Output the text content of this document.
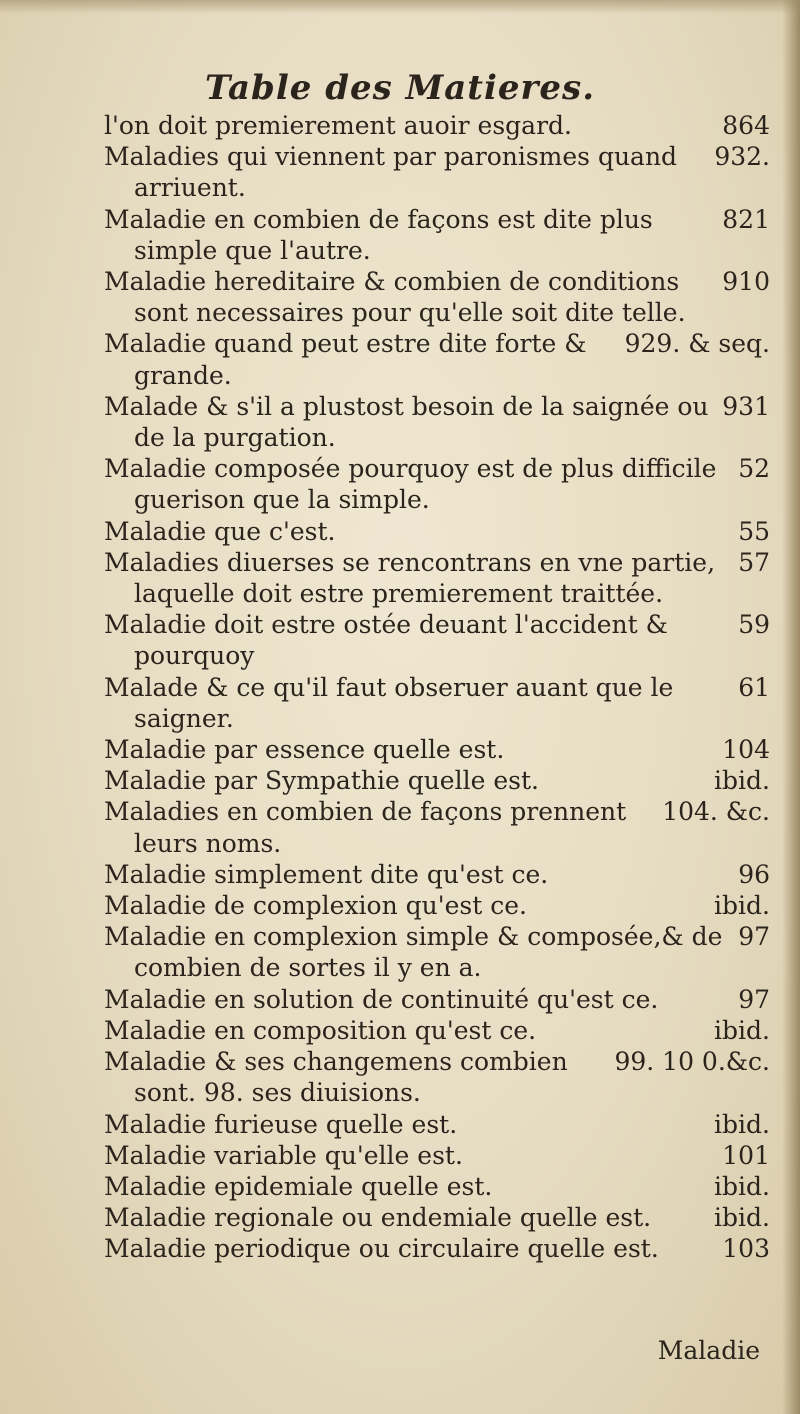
Table des Matieres.
864
l'on doit premierement auoir esgard.
932.
Maladies qui viennent par paronismes quand arriuent.
821
Maladie en combien de façons est dite plus simple que l'autre.
910
Maladie hereditaire & combien de conditions sont necessaires pour qu'elle soit dite telle.
929. & seq.
Maladie quand peut estre dite forte & grande.
931
Malade & s'il a plustost besoin de la saignée ou de la purgation.
52
Maladie composée pourquoy est de plus difficile guerison que la simple.
55
Maladie que c'est.
57
Maladies diuerses se rencontrans en vne partie, laquelle doit estre premierement traittée.
59
Maladie doit estre ostée deuant l'accident & pourquoy
61
Malade & ce qu'il faut obseruer auant que le saigner.
104
Maladie par essence quelle est.
ibid.
Maladie par Sympathie quelle est.
104. &c.
Maladies en combien de façons prennent leurs noms.
96
Maladie simplement dite qu'est ce.
ibid.
Maladie de complexion qu'est ce.
97
Maladie en complexion simple & composée,& de combien de sortes il y en a.
97
Maladie en solution de continuité qu'est ce.
ibid.
Maladie en composition qu'est ce.
99. 10 0.&c.
Maladie & ses changemens combien sont. 98. ses diuisions.
ibid.
Maladie furieuse quelle est.
101
Maladie variable qu'elle est.
ibid.
Maladie epidemiale quelle est.
ibid.
Maladie regionale ou endemiale quelle est.
103
Maladie periodique ou circulaire quelle est.
Maladie
